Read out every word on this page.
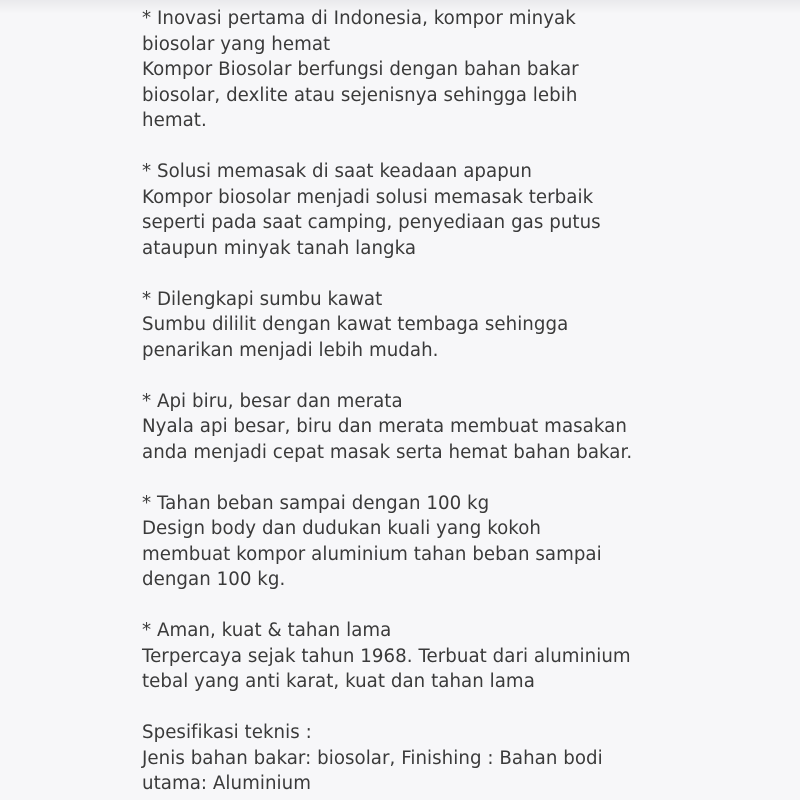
* Inovasi pertama di Indonesia, kompor minyak
biosolar yang hemat
Kompor Biosolar berfungsi dengan bahan bakar
biosolar, dexlite atau sejenisnya sehingga lebih
hemat.
* Solusi memasak di saat keadaan apapun
Kompor biosolar menjadi solusi memasak terbaik
seperti pada saat camping, penyediaan gas putus
ataupun minyak tanah langka
* Dilengkapi sumbu kawat
Sumbu dililit dengan kawat tembaga sehingga
penarikan menjadi lebih mudah.
* Api biru, besar dan merata
Nyala api besar, biru dan merata membuat masakan
anda menjadi cepat masak serta hemat bahan bakar.
* Tahan beban sampai dengan 100 kg
Design body dan dudukan kuali yang kokoh
membuat kompor aluminium tahan beban sampai
dengan 100 kg.
* Aman, kuat & tahan lama
Terpercaya sejak tahun 1968. Terbuat dari aluminium
tebal yang anti karat, kuat dan tahan lama
Spesifikasi teknis :
Jenis bahan bakar: biosolar, Finishing : Bahan bodi
utama: Aluminium
